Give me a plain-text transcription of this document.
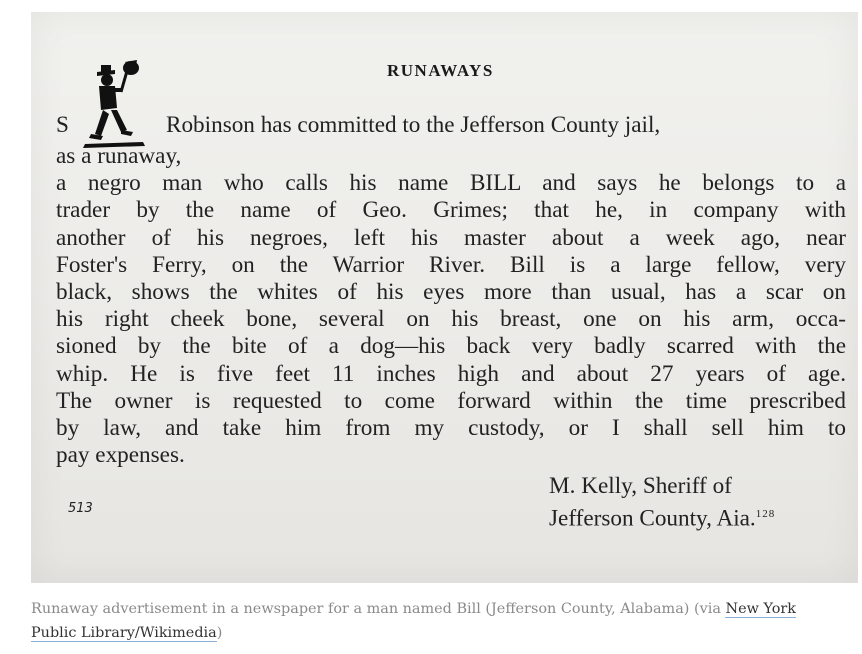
RUNAWAYS
S	Robinson has committed to the Jefferson County jail,
as a runaway,
a negro man who calls his name BILL and says he belongs to a
trader by the name of Geo. Grimes; that he, in company with
another of his negroes, left his master about a week ago, near
Foster's Ferry, on the Warrior River. Bill is a large fellow, very
black, shows the whites of his eyes more than usual, has a scar on
his right cheek bone, several on his breast, one on his arm, occa-
sioned by the bite of a dog—his back very badly scarred with the
whip. He is five feet 11 inches high and about 27 years of age.
The owner is requested to come forward within the time prescribed
by law, and take him from my custody, or I shall sell him to
pay expenses.
513
M. Kelly, Sheriff of
Jefferson County, Aia.$^{128}$
Runaway advertisement in a newspaper for a man named Bill (Jefferson County, Alabama) (via New York Public Library/Wikimedia)
